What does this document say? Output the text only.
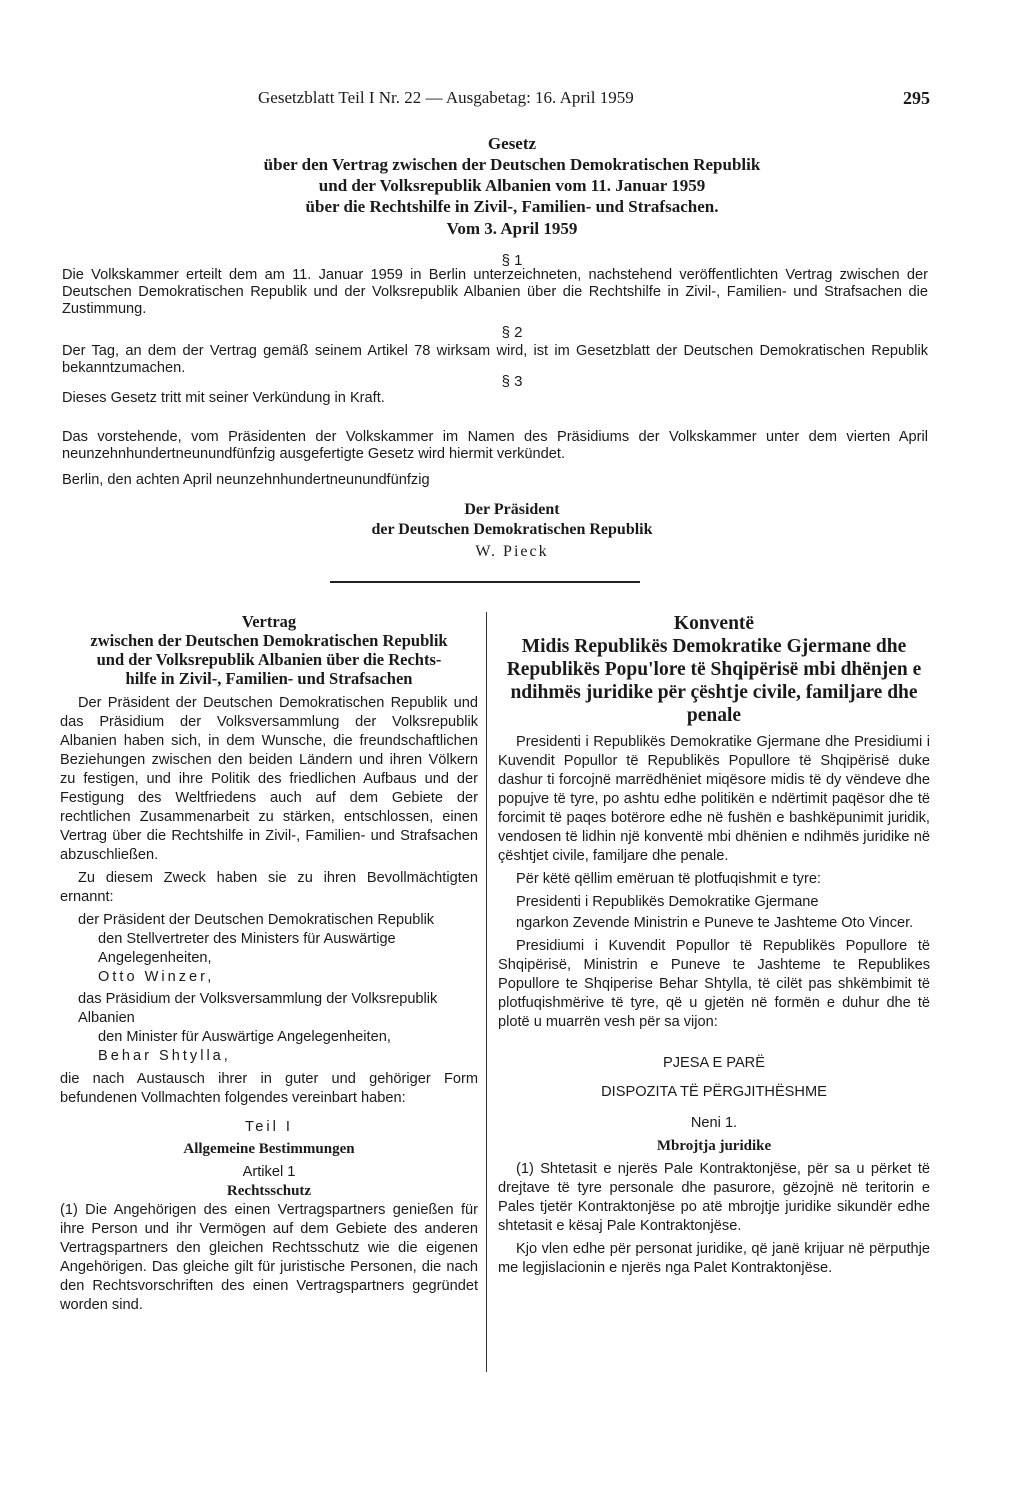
Gesetzblatt Teil I Nr. 22 — Ausgabetag: 16. April 1959	295
Gesetz
über den Vertrag zwischen der Deutschen Demokratischen Republik
und der Volksrepublik Albanien vom 11. Januar 1959
über die Rechtshilfe in Zivil-, Familien- und Strafsachen.
Vom 3. April 1959
§ 1
Die Volkskammer erteilt dem am 11. Januar 1959 in Berlin unterzeichneten, nachstehend veröffentlichten Vertrag zwischen der Deutschen Demokratischen Republik und der Volksrepublik Albanien über die Rechtshilfe in Zivil-, Familien- und Strafsachen die Zustimmung.
§ 2
Der Tag, an dem der Vertrag gemäß seinem Artikel 78 wirksam wird, ist im Gesetzblatt der Deutschen Demokratischen Republik bekanntzumachen.
§ 3
Dieses Gesetz tritt mit seiner Verkündung in Kraft.
Das vorstehende, vom Präsidenten der Volkskammer im Namen des Präsidiums der Volkskammer unter dem vierten April neunzehnhundertneunundfünfzig ausgefertigte Gesetz wird hiermit verkündet.
Berlin, den achten April neunzehnhundertneunundfünfzig
Der Präsident
der Deutschen Demokratischen Republik
W. Pieck
Vertrag
zwischen der Deutschen Demokratischen Republik
und der Volksrepublik Albanien über die Rechts-
hilfe in Zivil-, Familien- und Strafsachen

Der Präsident der Deutschen Demokratischen Republik und das Präsidium der Volksversammlung der Volksrepublik Albanien haben sich, in dem Wunsche, die freundschaftlichen Beziehungen zwischen den beiden Ländern und ihren Völkern zu festigen, und ihre Politik des friedlichen Aufbaus und der Festigung des Weltfriedens auch auf dem Gebiete der rechtlichen Zusammenarbeit zu stärken, entschlossen, einen Vertrag über die Rechtshilfe in Zivil-, Familien- und Strafsachen abzuschließen.

Zu diesem Zweck haben sie zu ihren Bevollmächtigten ernannt:

der Präsident der Deutschen Demokratischen Republik
den Stellvertreter des Ministers für Auswärtige Angelegenheiten,
Otto Winzer,
das Präsidium der Volksversammlung der Volksrepublik Albanien
den Minister für Auswärtige Angelegenheiten,
Behar Shtylla,

die nach Austausch ihrer in guter und gehöriger Form befundenen Vollmachten folgendes vereinbart haben:

Teil I
Allgemeine Bestimmungen
Artikel 1
Rechtsschutz

(1) Die Angehörigen des einen Vertragspartners genießen für ihre Person und ihr Vermögen auf dem Gebiete des anderen Vertragspartners den gleichen Rechtsschutz wie die eigenen Angehörigen. Das gleiche gilt für juristische Personen, die nach den Rechtsvorschriften des einen Vertragspartners gegründet worden sind.

Konventë
Midis Republikës Demokratike Gjermane dhe Republikës Popu'lore të Shqipërisë mbi dhënjen e ndihmës juridike për çështje civile, familjare dhe penale

Presidenti i Republikës Demokratike Gjermane dhe Presidiumi i Kuvendit Popullor të Republikës Popullore të Shqipërisë duke dashur ti forcojnë marrëdhëniet miqësore midis të dy vëndeve dhe popujve të tyre, po ashtu edhe politikën e ndërtimit paqësor dhe të forcimit të paqes botërore edhe në fushën e bashkëpunimit juridik, vendosen të lidhin një konventë mbi dhënien e ndihmës juridike në çështjet civile, familjare dhe penale.

Për këtë qëllim emëruan të plotfuqishmit e tyre:

Presidenti i Republikës Demokratike Gjermane

ngarkon Zevende Ministrin e Puneve te Jashteme Oto Vincer.

Presidiumi i Kuvendit Popullor të Republikës Popullore të Shqipërisë, Ministrin e Puneve te Jashteme te Republikes Popullore te Shqiperise Behar Shtylla, të cilët pas shkëmbimit të plotfuqishmërive të tyre, që u gjetën në formën e duhur dhe të plotë u muarrën vesh për sa vijon:

PJESA E PARË
DISPOZITA TË PËRGJITHËSHME
Neni 1.
Mbrojtja juridike

(1) Shtetasit e njerës Pale Kontraktonjëse, për sa u përket të drejtave të tyre personale dhe pasurore, gëzojnë në teritorin e Pales tjetër Kontraktonjëse po atë mbrojtje juridike sikundër edhe shtetasit e kësaj Pale Kontraktonjëse.

Kjo vlen edhe për personat juridike, që janë krijuar në përputhje me legjislacionin e njerës nga Palet Kontraktonjëse.
